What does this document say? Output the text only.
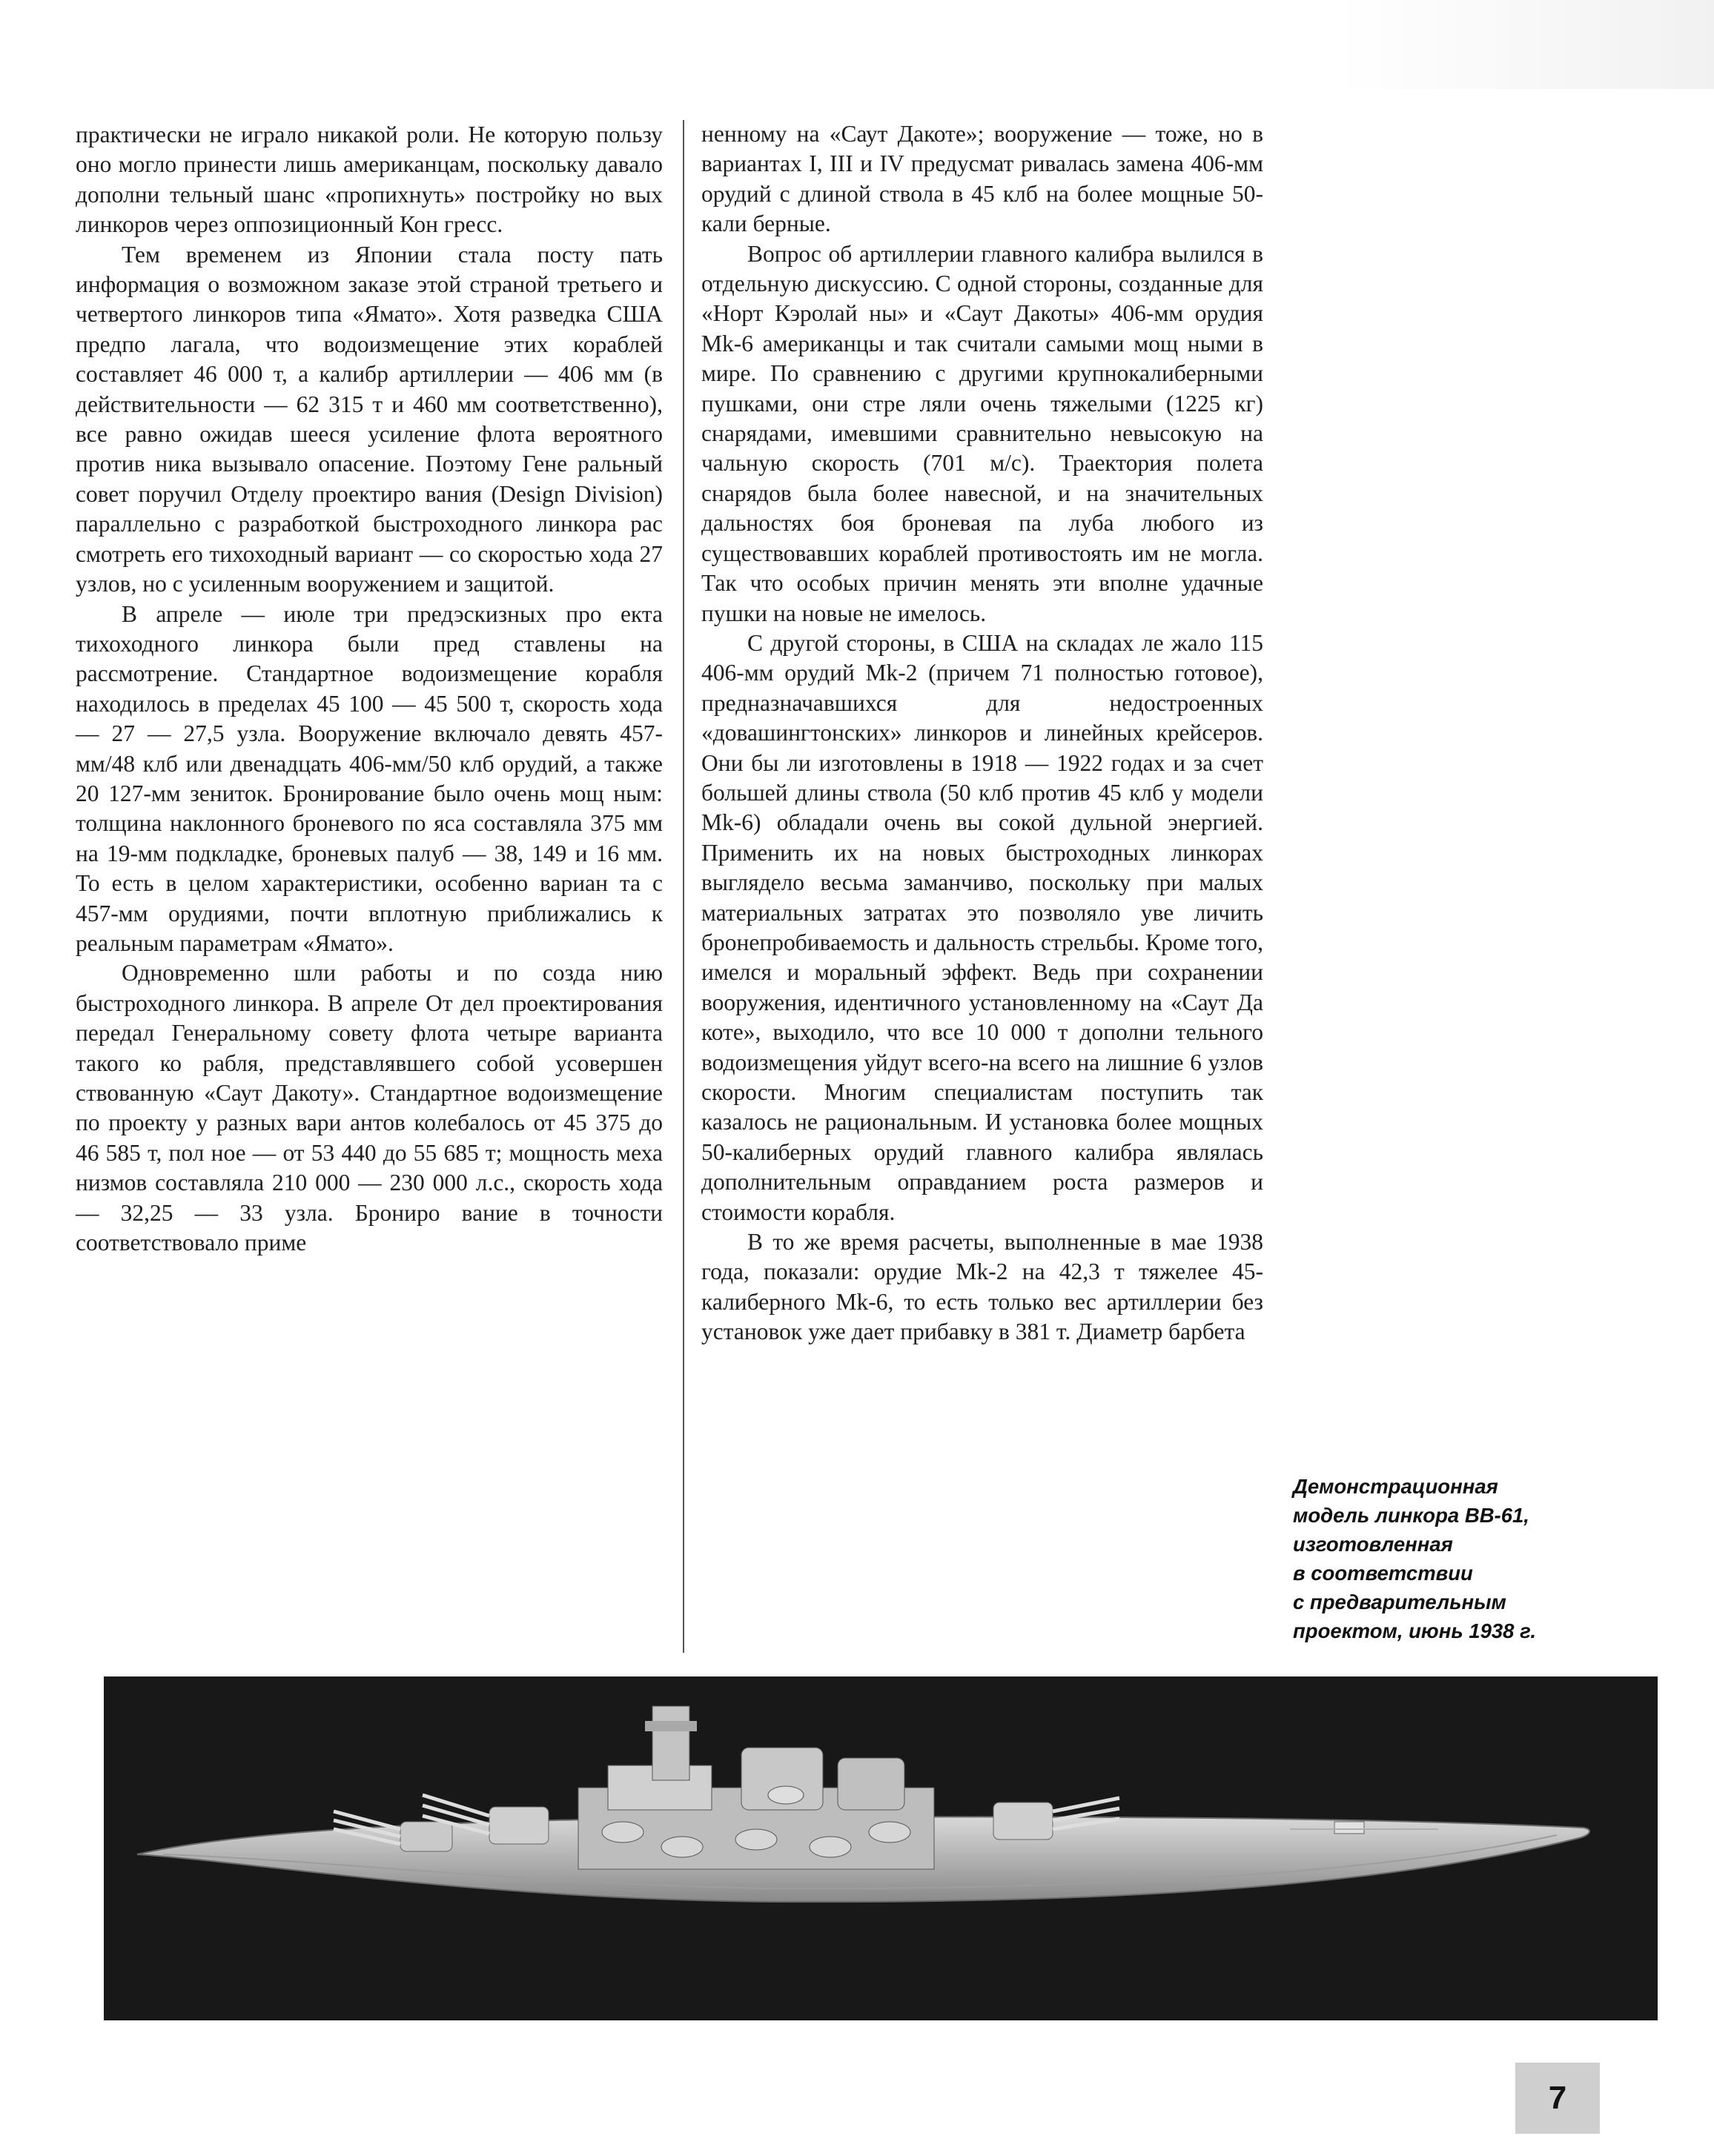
практически не играло никакой роли. Не которую пользу оно могло принести лишь американцам, поскольку давало дополни тельный шанс «пропихнуть» постройку но вых линкоров через оппозиционный Кон гресс.

Тем временем из Японии стала посту пать информация о возможном заказе этой страной третьего и четвертого линкоров типа «Ямато». Хотя разведка США предпо лагала, что водоизмещение этих кораблей составляет 46 000 т, а калибр артиллерии — 406 мм (в действительности — 62 315 т и 460 мм соответственно), все равно ожидав шееся усиление флота вероятного против ника вызывало опасение. Поэтому Гене ральный совет поручил Отделу проектиро вания (Design Division) параллельно с разработкой быстроходного линкора рас смотреть его тихоходный вариант — со скоростью хода 27 узлов, но с усиленным вооружением и защитой.

В апреле — июле три предэскизных про екта тихоходного линкора были пред ставлены на рассмотрение. Стандартное водоизмещение корабля находилось в пределах 45 100 — 45 500 т, скорость хода — 27 — 27,5 узла. Вооружение включало девять 457-мм/48 клб или двенадцать 406-мм/50 клб орудий, а также 20 127-мм зениток. Бронирование было очень мощ ным: толщина наклонного броневого по яса составляла 375 мм на 19-мм подкладке, броневых палуб — 38, 149 и 16 мм. То есть в целом характеристики, особенно вариан та с 457-мм орудиями, почти вплотную приближались к реальным параметрам «Ямато».

Одновременно шли работы и по созда нию быстроходного линкора. В апреле От дел проектирования передал Генеральному совету флота четыре варианта такого ко рабля, представлявшего собой усовершен ствованную «Саут Дакоту». Стандартное водоизмещение по проекту у разных вари антов колебалось от 45 375 до 46 585 т, пол ное — от 53 440 до 55 685 т; мощность меха низмов составляла 210 000 — 230 000 л.с., скорость хода — 32,25 — 33 узла. Брониро вание в точности соответствовало приме

ненному на «Саут Дакоте»; вооружение — тоже, но в вариантах I, III и IV предусмат ривалась замена 406-мм орудий с длиной ствола в 45 клб на более мощные 50-кали берные.

Вопрос об артиллерии главного калибра вылился в отдельную дискуссию. С одной стороны, созданные для «Норт Кэролай ны» и «Саут Дакоты» 406-мм орудия Mk-6 американцы и так считали самыми мощ ными в мире. По сравнению с другими крупнокалиберными пушками, они стре ляли очень тяжелыми (1225 кг) снарядами, имевшими сравнительно невысокую на чальную скорость (701 м/с). Траектория полета снарядов была более навесной, и на значительных дальностях боя броневая па луба любого из существовавших кораблей противостоять им не могла. Так что особых причин менять эти вполне удачные пушки на новые не имелось.

С другой стороны, в США на складах ле жало 115 406-мм орудий Mk-2 (причем 71 полностью готовое), предназначавшихся	для недостроенных «довашингтонских» линкоров и линейных крейсеров. Они бы ли изготовлены в 1918 — 1922 годах и за счет большей длины ствола (50 клб против 45 клб у модели Mk-6) обладали очень вы сокой дульной энергией. Применить их на новых быстроходных линкорах выглядело весьма заманчиво, поскольку при малых материальных затратах это позволяло уве личить бронепробиваемость и дальность стрельбы. Кроме того, имелся и моральный эффект. Ведь при сохранении вооружения, идентичного установленному на «Саут Да коте», выходило, что все 10 000 т дополни тельного водоизмещения уйдут всего-на всего на лишние 6 узлов скорости. Многим специалистам поступить так казалось не рациональным. И установка более мощных 50-калиберных орудий главного калибра являлась дополнительным оправданием роста размеров и стоимости корабля.

В то же время расчеты, выполненные в мае 1938 года, показали: орудие Mk-2 на 42,3 т тяжелее 45-калиберного Mk-6, то есть только вес артиллерии без установок уже дает прибавку в 381 т. Диаметр барбета

Демонстрационная
модель линкора BB-61,
изготовленная
в соответствии
с предварительным
проектом, июнь 1938 г.
7
